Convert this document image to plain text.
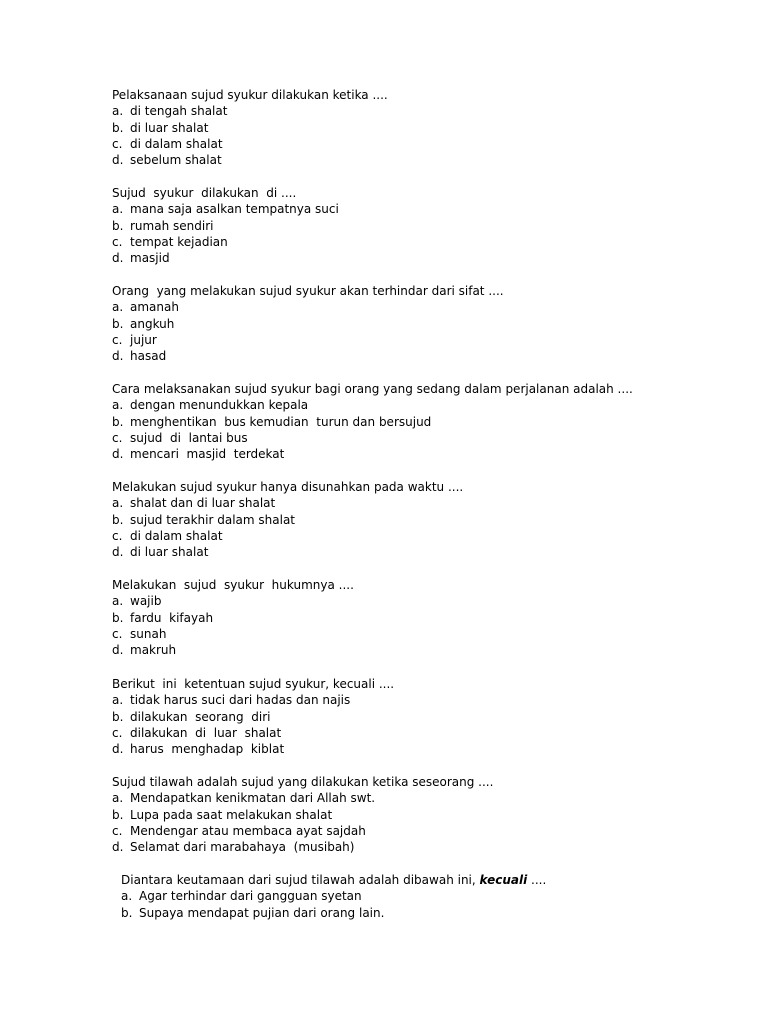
Pelaksanaan sujud syukur dilakukan ketika ....
a. di tengah shalat
b. di luar shalat
c. di dalam shalat
d. sebelum shalat
Sujud  syukur  dilakukan  di ....
a. mana saja asalkan tempatnya suci
b. rumah sendiri
c. tempat kejadian
d. masjid
Orang  yang melakukan sujud syukur akan terhindar dari sifat ....
a. amanah
b. angkuh
c. jujur
d. hasad
Cara melaksanakan sujud syukur bagi orang yang sedang dalam perjalanan adalah ....
a. dengan menundukkan kepala
b. menghentikan  bus kemudian  turun dan bersujud
c. sujud  di  lantai bus
d. mencari  masjid  terdekat
Melakukan sujud syukur hanya disunahkan pada waktu ....
a. shalat dan di luar shalat
b. sujud terakhir dalam shalat
c. di dalam shalat
d. di luar shalat
Melakukan  sujud  syukur  hukumnya ....
a. wajib
b. fardu  kifayah
c. sunah
d. makruh
Berikut  ini  ketentuan sujud syukur, kecuali ....
a. tidak harus suci dari hadas dan najis
b. dilakukan  seorang  diri
c. dilakukan  di  luar  shalat
d. harus  menghadap  kiblat
Sujud tilawah adalah sujud yang dilakukan ketika seseorang ....
a. Mendapatkan kenikmatan dari Allah swt.
b. Lupa pada saat melakukan shalat
c. Mendengar atau membaca ayat sajdah
d. Selamat dari marabahaya  (musibah)
Diantara keutamaan dari sujud tilawah adalah dibawah ini, kecuali ....
a. Agar terhindar dari gangguan syetan
b. Supaya mendapat pujian dari orang lain.
